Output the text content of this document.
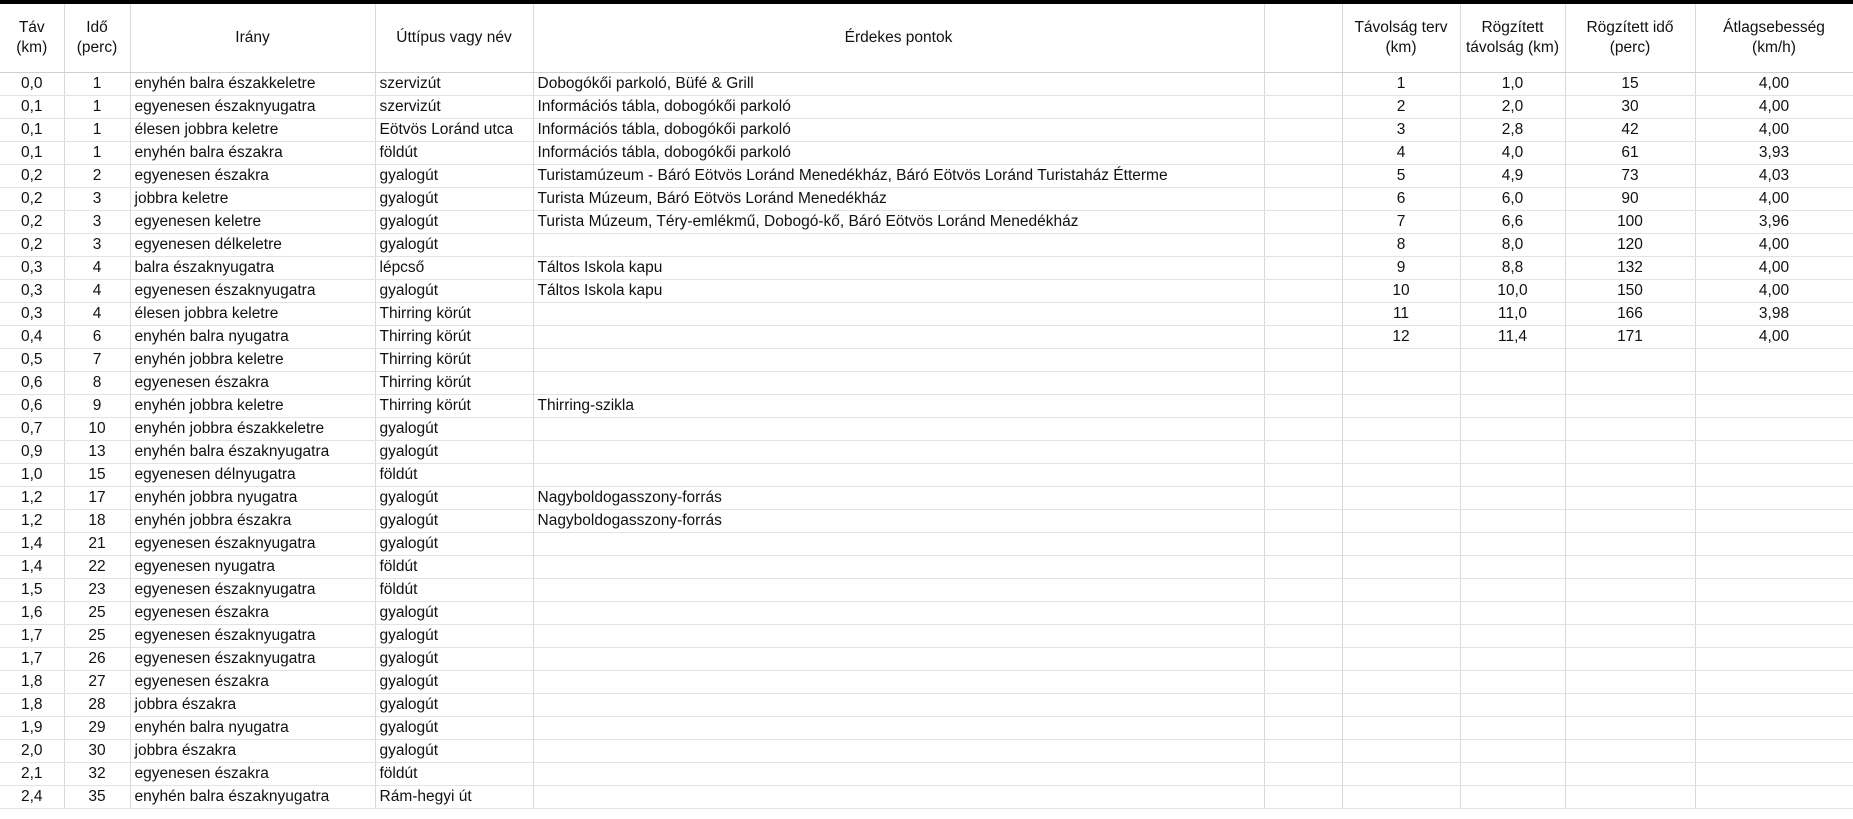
Táv (km)	Idő (perc)	Irány	Úttípus vagy név	Érdekes pontok		Távolság terv (km)	Rögzített távolság (km)	Rögzített idő (perc)	Átlagsebesség (km/h)
0,0	1	enyhén balra északkeletre	szervizút	Dobogókői parkoló, Büfé & Grill		1	1,0	15	4,00
0,1	1	egyenesen északnyugatra	szervizút	Információs tábla, dobogókői parkoló		2	2,0	30	4,00
0,1	1	élesen jobbra keletre	Eötvös Loránd utca	Információs tábla, dobogókői parkoló		3	2,8	42	4,00
0,1	1	enyhén balra északra	földút	Információs tábla, dobogókői parkoló		4	4,0	61	3,93
0,2	2	egyenesen északra	gyalogút	Turistamúzeum - Báró Eötvös Loránd Menedékház, Báró Eötvös Loránd Turistaház Étterme		5	4,9	73	4,03
0,2	3	jobbra keletre	gyalogút	Turista Múzeum, Báró Eötvös Loránd Menedékház		6	6,0	90	4,00
0,2	3	egyenesen keletre	gyalogút	Turista Múzeum, Téry-emlékmű, Dobogó-kő, Báró Eötvös Loránd Menedékház		7	6,6	100	3,96
0,2	3	egyenesen délkeletre	gyalogút			8	8,0	120	4,00
0,3	4	balra északnyugatra	lépcső	Táltos Iskola kapu		9	8,8	132	4,00
0,3	4	egyenesen északnyugatra	gyalogút	Táltos Iskola kapu		10	10,0	150	4,00
0,3	4	élesen jobbra keletre	Thirring körút			11	11,0	166	3,98
0,4	6	enyhén balra nyugatra	Thirring körút			12	11,4	171	4,00
0,5	7	enyhén jobbra keletre	Thirring körút						
0,6	8	egyenesen északra	Thirring körút						
0,6	9	enyhén jobbra keletre	Thirring körút	Thirring-szikla					
0,7	10	enyhén jobbra északkeletre	gyalogút						
0,9	13	enyhén balra északnyugatra	gyalogút						
1,0	15	egyenesen délnyugatra	földút						
1,2	17	enyhén jobbra nyugatra	gyalogút	Nagyboldogasszony-forrás					
1,2	18	enyhén jobbra északra	gyalogút	Nagyboldogasszony-forrás					
1,4	21	egyenesen északnyugatra	gyalogút						
1,4	22	egyenesen nyugatra	földút						
1,5	23	egyenesen északnyugatra	földút						
1,6	25	egyenesen északra	gyalogút						
1,7	25	egyenesen északnyugatra	gyalogút						
1,7	26	egyenesen északnyugatra	gyalogút						
1,8	27	egyenesen északra	gyalogút						
1,8	28	jobbra északra	gyalogút						
1,9	29	enyhén balra nyugatra	gyalogút						
2,0	30	jobbra északra	gyalogút						
2,1	32	egyenesen északra	földút						
2,4	35	enyhén balra északnyugatra	Rám-hegyi út						
